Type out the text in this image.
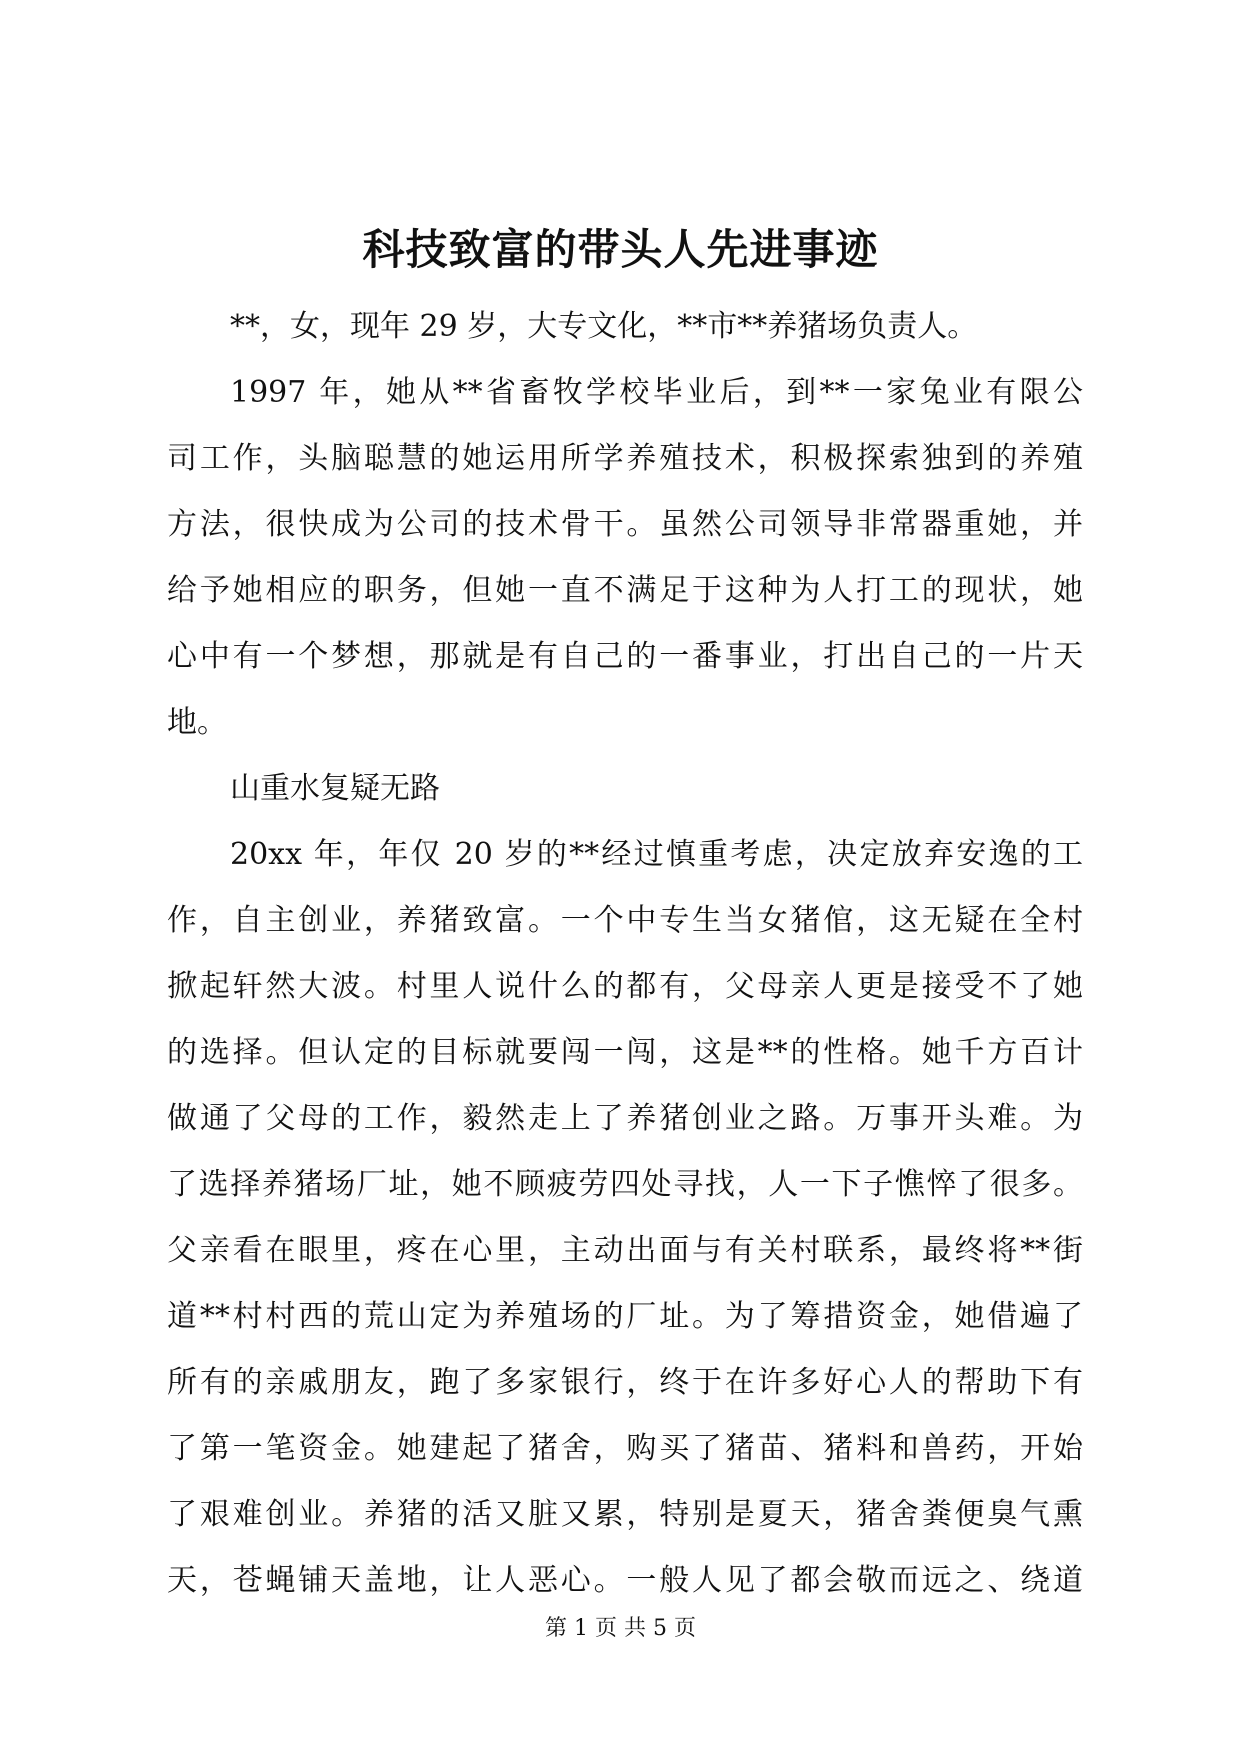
科技致富的带头人先进事迹
**，女，现年 29 岁，大专文化，**市**养猪场负责人。
1997 年，她从**省畜牧学校毕业后，到**一家兔业有限公
司工作，头脑聪慧的她运用所学养殖技术，积极探索独到的养殖
方法，很快成为公司的技术骨干。虽然公司领导非常器重她，并
给予她相应的职务，但她一直不满足于这种为人打工的现状，她
心中有一个梦想，那就是有自己的一番事业，打出自己的一片天
地。
山重水复疑无路
20xx 年，年仅 20 岁的**经过慎重考虑，决定放弃安逸的工
作，自主创业，养猪致富。一个中专生当女猪倌，这无疑在全村
掀起轩然大波。村里人说什么的都有，父母亲人更是接受不了她
的选择。但认定的目标就要闯一闯，这是**的性格。她千方百计
做通了父母的工作，毅然走上了养猪创业之路。万事开头难。为
了选择养猪场厂址，她不顾疲劳四处寻找，人一下子憔悴了很多。
父亲看在眼里，疼在心里，主动出面与有关村联系，最终将**街
道**村村西的荒山定为养殖场的厂址。为了筹措资金，她借遍了
所有的亲戚朋友，跑了多家银行，终于在许多好心人的帮助下有
了第一笔资金。她建起了猪舍，购买了猪苗、猪料和兽药，开始
了艰难创业。养猪的活又脏又累，特别是夏天，猪舍粪便臭气熏
天，苍蝇铺天盖地，让人恶心。一般人见了都会敬而远之、绕道
第 1 页 共 5 页
